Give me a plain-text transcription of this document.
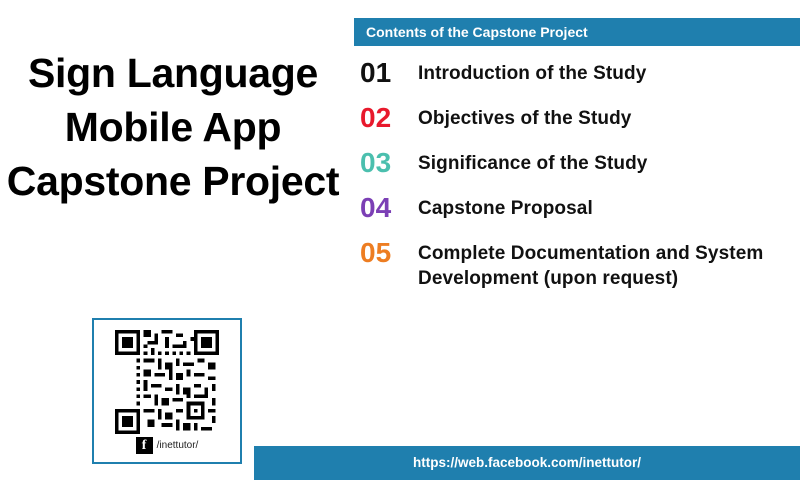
Sign Language Mobile App Capstone Project
f	/inettutor/
Contents of the Capstone Project
01	Introduction of the Study
02	Objectives of the Study
03	Significance of the Study
04	Capstone Proposal
05	Complete Documentation and System Development (upon request)
https://web.facebook.com/inettutor/
